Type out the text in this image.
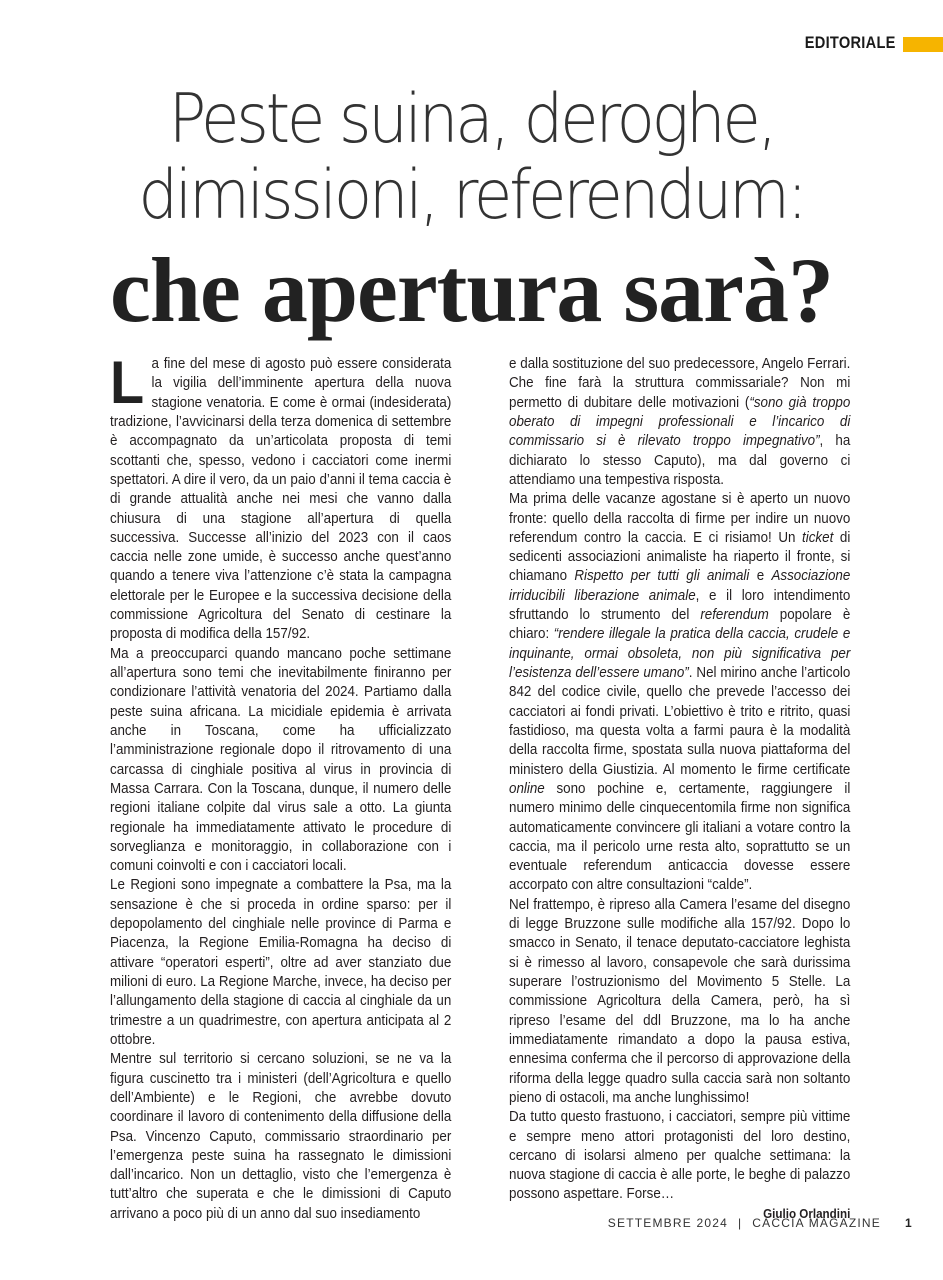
EDITORIALE
Peste suina, deroghe,
dimissioni, referendum:
che apertura sarà?

La fine del mese di agosto può essere considerata la vigilia dell’imminente apertura della nuova stagione venatoria. E come è ormai (indesiderata) tradizione, l’avvicinarsi della terza domenica di settembre è accompagnato da un’articolata proposta di temi scottanti che, spesso, vedono i cacciatori come inermi spettatori. A dire il vero, da un paio d’anni il tema caccia è di grande attualità anche nei mesi che vanno dalla chiusura di una stagione all’apertura di quella successiva. Successe all’inizio del 2023 con il caos caccia nelle zone umide, è successo anche quest’anno quando a tenere viva l’attenzione c’è stata la campagna elettorale per le Europee e la successiva decisione della commissione Agricoltura del Senato di cestinare la proposta di modifica della 157/92.

Ma a preoccuparci quando mancano poche settimane all’apertura sono temi che inevitabilmente finiranno per condizionare l’attività venatoria del 2024. Partiamo dalla peste suina africana. La micidiale epidemia è arrivata anche in Toscana, come ha ufficializzato l’amministrazione regionale dopo il ritrovamento di una carcassa di cinghiale positiva al virus in provincia di Massa Carrara. Con la Toscana, dunque, il numero delle regioni italiane colpite dal virus sale a otto. La giunta regionale ha immediatamente attivato le procedure di sorveglianza e monitoraggio, in collaborazione con i comuni coinvolti e con i cacciatori locali.

Le Regioni sono impegnate a combattere la Psa, ma la sensazione è che si proceda in ordine sparso: per il depopolamento del cinghiale nelle province di Parma e Piacenza, la Regione Emilia-Romagna ha deciso di attivare “operatori esperti”, oltre ad aver stanziato due milioni di euro. La Regione Marche, invece, ha deciso per l’allungamento della stagione di caccia al cinghiale da un trimestre a un quadrimestre, con apertura anticipata al 2 ottobre.

Mentre sul territorio si cercano soluzioni, se ne va la figura cuscinetto tra i ministeri (dell’Agricoltura e quello dell’Ambiente) e le Regioni, che avrebbe dovuto coordinare il lavoro di contenimento della diffusione della Psa. Vincenzo Caputo, commissario straordinario per l’emergenza peste suina ha rassegnato le dimissioni dall’incarico. Non un dettaglio, visto che l’emergenza è tutt’altro che superata e che le dimissioni di Caputo arrivano a poco più di un anno dal suo insediamento

e dalla sostituzione del suo predecessore, Angelo Ferrari. Che fine farà la struttura commissariale? Non mi permetto di dubitare delle motivazioni (“sono già troppo oberato di impegni professionali e l’incarico di commissario si è rilevato troppo impegnativo”, ha dichiarato lo stesso Caputo), ma dal governo ci attendiamo una tempestiva risposta.

Ma prima delle vacanze agostane si è aperto un nuovo fronte: quello della raccolta di firme per indire un nuovo referendum contro la caccia. E ci risiamo! Un ticket di sedicenti associazioni animaliste ha riaperto il fronte, si chiamano Rispetto per tutti gli animali e Associazione irriducibili liberazione animale, e il loro intendimento sfruttando lo strumento del referendum popolare è chiaro: “rendere illegale la pratica della caccia, crudele e inquinante, ormai obsoleta, non più significativa per l’esistenza dell’essere umano”. Nel mirino anche l’articolo 842 del codice civile, quello che prevede l’accesso dei cacciatori ai fondi privati. L’obiettivo è trito e ritrito, quasi fastidioso, ma questa volta a farmi paura è la modalità della raccolta firme, spostata sulla nuova piattaforma del ministero della Giustizia. Al momento le firme certificate online sono pochine e, certamente, raggiungere il numero minimo delle cinquecentomila firme non significa automaticamente convincere gli italiani a votare contro la caccia, ma il pericolo urne resta alto, soprattutto se un eventuale referendum anticaccia dovesse essere accorpato con altre consultazioni “calde”.

Nel frattempo, è ripreso alla Camera l’esame del disegno di legge Bruzzone sulle modifiche alla 157/92. Dopo lo smacco in Senato, il tenace deputato-cacciatore leghista si è rimesso al lavoro, consapevole che sarà durissima superare l’ostruzionismo del Movimento 5 Stelle. La commissione Agricoltura della Camera, però, ha sì ripreso l’esame del ddl Bruzzone, ma lo ha anche immediatamente rimandato a dopo la pausa estiva, ennesima conferma che il percorso di approvazione della riforma della legge quadro sulla caccia sarà non soltanto pieno di ostacoli, ma anche lunghissimo!

Da tutto questo frastuono, i cacciatori, sempre più vittime e sempre meno attori protagonisti del loro destino, cercano di isolarsi almeno per qualche settimana: la nuova stagione di caccia è alle porte, le beghe di palazzo possono aspettare. Forse…

Giulio Orlandini

SETTEMBRE 2024 | CACCIA MAGAZINE 1
